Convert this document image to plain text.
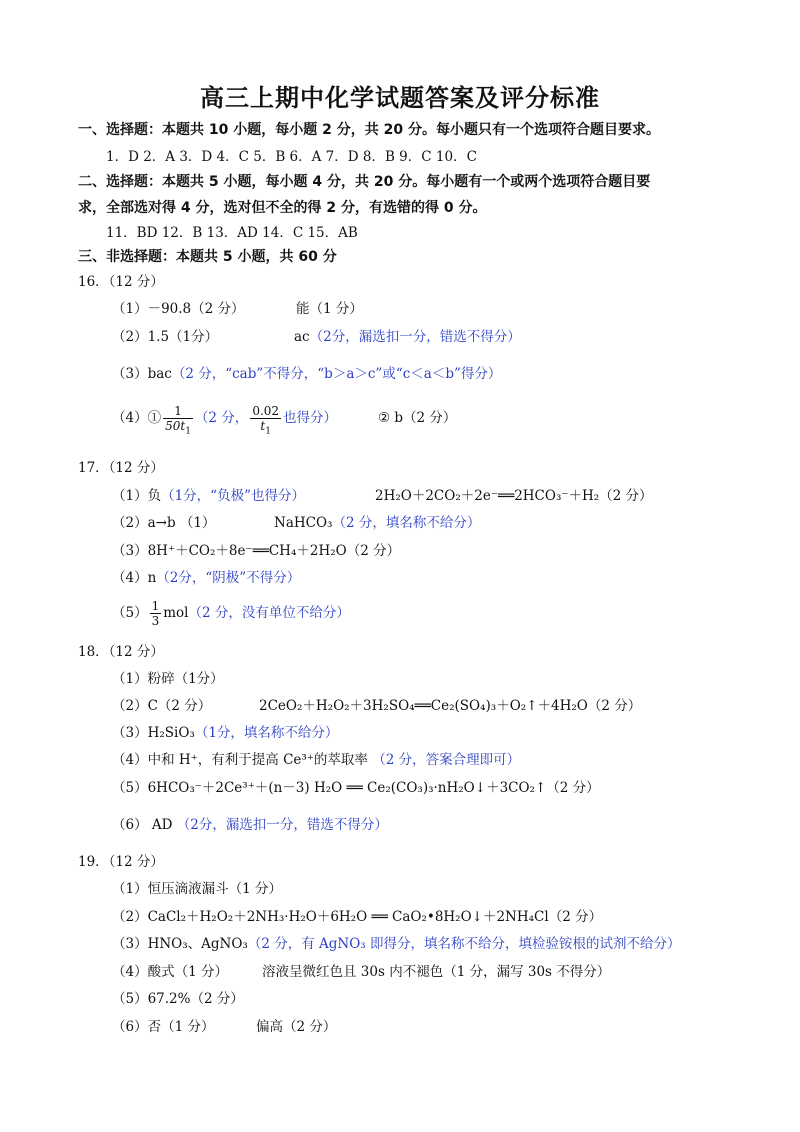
高三上期中化学试题答案及评分标准
一、选择题：本题共 10 小题，每小题 2 分，共 20 分。每小题只有一个选项符合题目要求。
1．D 2．A 3．D 4．C 5．B 6．A 7．D 8．B 9．C 10．C
二、选择题：本题共 5 小题，每小题 4 分，共 20 分。每小题有一个或两个选项符合题目要
求，全部选对得 4 分，选对但不全的得 2 分，有选错的得 0 分。
11．BD 12．B 13．AD 14．C 15．AB
三、非选择题：本题共 5 小题，共 60 分
16．（12 分）
（1）－90.8（2 分）	能（1 分）
（2）1.5（1分）	ac（2分，漏选扣一分，错选不得分）
（3）bac（2 分，“cab”不得分，“b＞a＞c”或“c＜a＜b”得分）
（4）① $\frac{1}{50t_1} (2$ 分， $\frac{0.02}{t_1}$ 也得分）	② b（2 分）
17．（12 分）
（1）负（1分，“负极”也得分）	2H₂O＋2CO₂＋2e⁻══2HCO₃⁻＋H₂（2 分）
（2）a→b （1）	NaHCO₃（2 分，填名称不给分）
（3）8H⁺＋CO₂＋8e⁻══CH₄＋2H₂O（2 分）
（4）n（2分，“阴极”不得分）
$(5) \frac{1}{3} mol(2$ 分，没有单位不给分）
18．（12 分）
（1）粉碎（1分）
（2）C（2 分）	2CeO₂＋H₂O₂＋3H₂SO₄══Ce₂(SO₄)₃＋O₂↑＋4H₂O（2 分）
（3）H₂SiO₃（1分，填名称不给分）
（4）中和 H⁺，有利于提高 Ce³⁺的萃取率 （2 分，答案合理即可）
（5）6HCO₃⁻＋2Ce³⁺＋(n－3) H₂O ══ Ce₂(CO₃)₃·nH₂O↓＋3CO₂↑（2 分）
（6） AD （2分，漏选扣一分，错选不得分）
19．（12 分）
（1）恒压滴液漏斗（1 分）
（2）CaCl₂＋H₂O₂＋2NH₃·H₂O＋6H₂O ══ CaO₂•8H₂O↓＋2NH₄Cl（2 分）
（3）HNO₃、AgNO₃（2 分，有 AgNO₃ 即得分，填名称不给分，填检验铵根的试剂不给分）
（4）酸式（1 分）	溶液呈微红色且 30s 内不褪色（1 分，漏写 30s 不得分）
（5）67.2%（2 分）
（6）否（1 分）	偏高（2 分）
